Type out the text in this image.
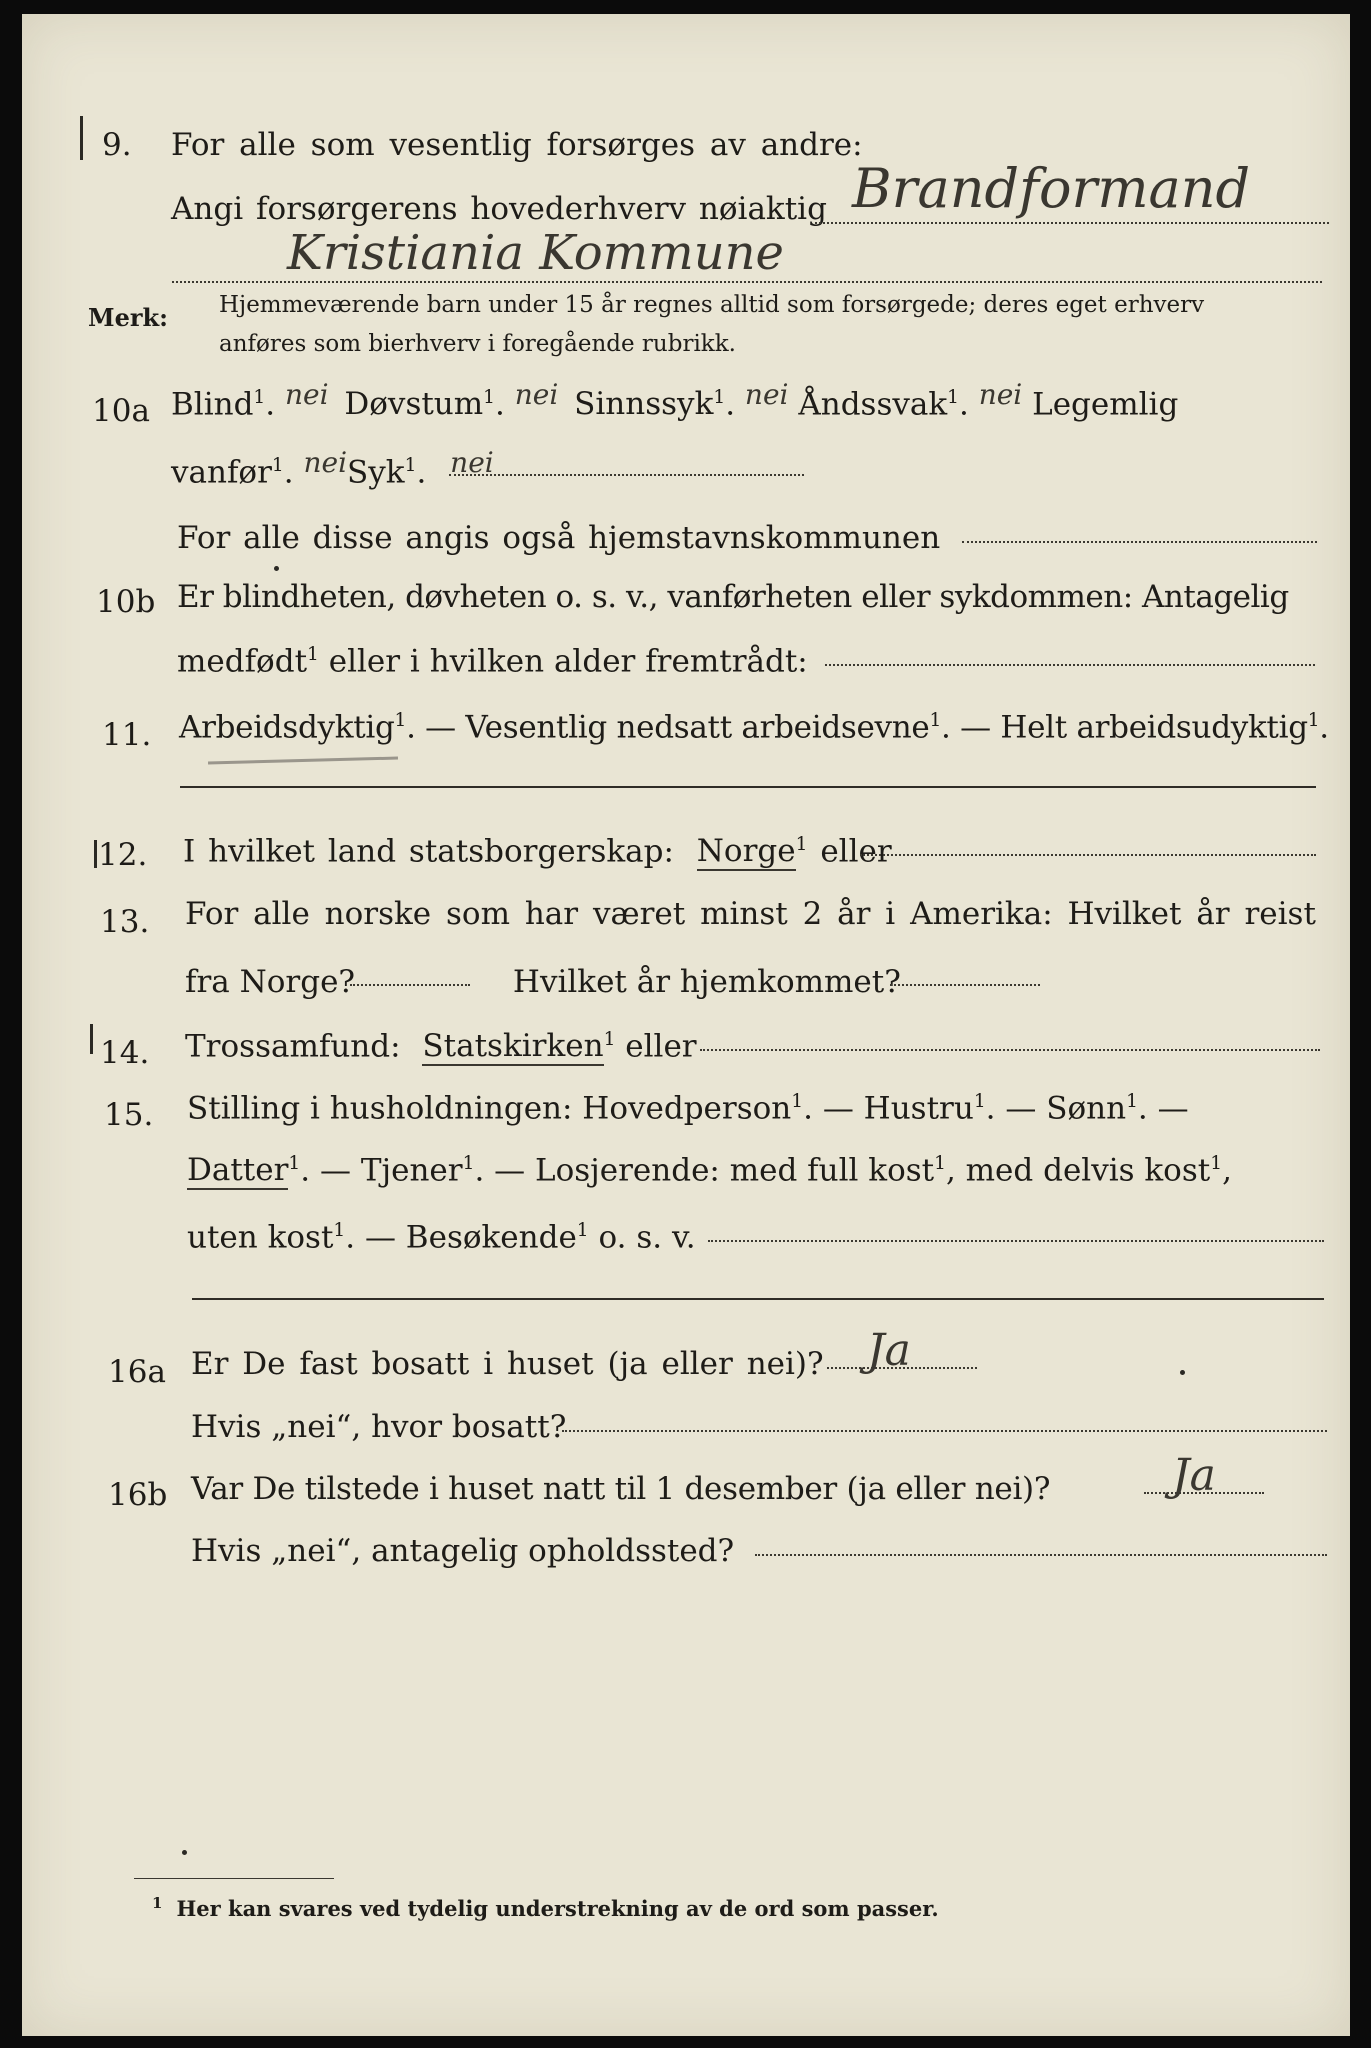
9. For alle som vesentlig forsørges av andre:
Angi forsørgerens hovederhverv nøiaktig Brandformand
Kristiania Kommune
Merk: Hjemmeværende barn under 15 år regnes alltid som forsørgede; deres eget erhverv
anføres som bierhverv i foregående rubrikk.
10a Blind$^1$. nei Døvstum$^1$. nei Sinnssyk$^1$. nei Åndssvak$^1$. nei Legemlig
vanfør$^1$. neiSyk$^1$. nei
For alle disse angis også hjemstavnskommunen
10b Er blindheten, døvheten o. s. v., vanførheten eller sykdommen: Antagelig
medfødt$^1$ eller i hvilken alder fremtrådt:
11. Arbeidsdyktig$^1$. — Vesentlig nedsatt arbeidsevne$^1$. — Helt arbeidsudyktig$^1$.
12. I hvilket land statsborgerskap: Norge$^1$ eller
13. For alle norske som har været minst 2 år i Amerika: Hvilket år reist
fra Norge?	Hvilket år hjemkommet?
14. Trossamfund: Statskirken$^1$ eller
15. Stilling i husholdningen: Hovedperson$^1$. — Hustru$^1$. — Sønn$^1$. —
Datter$^1$. — Tjener$^1$. — Losjerende: med full kost$^1$, med delvis kost$^1$,
uten kost$^1$. — Besøkende$^1$ o. s. v.
16a Er De fast bosatt i huset (ja eller nei)? Ja
Hvis „nei“, hvor bosatt?
16b Var De tilstede i huset natt til 1 desember (ja eller nei)?	Ja
Hvis „nei“, antagelig opholdssted?
$^1$ Her kan svares ved tydelig understrekning av de ord som passer.
